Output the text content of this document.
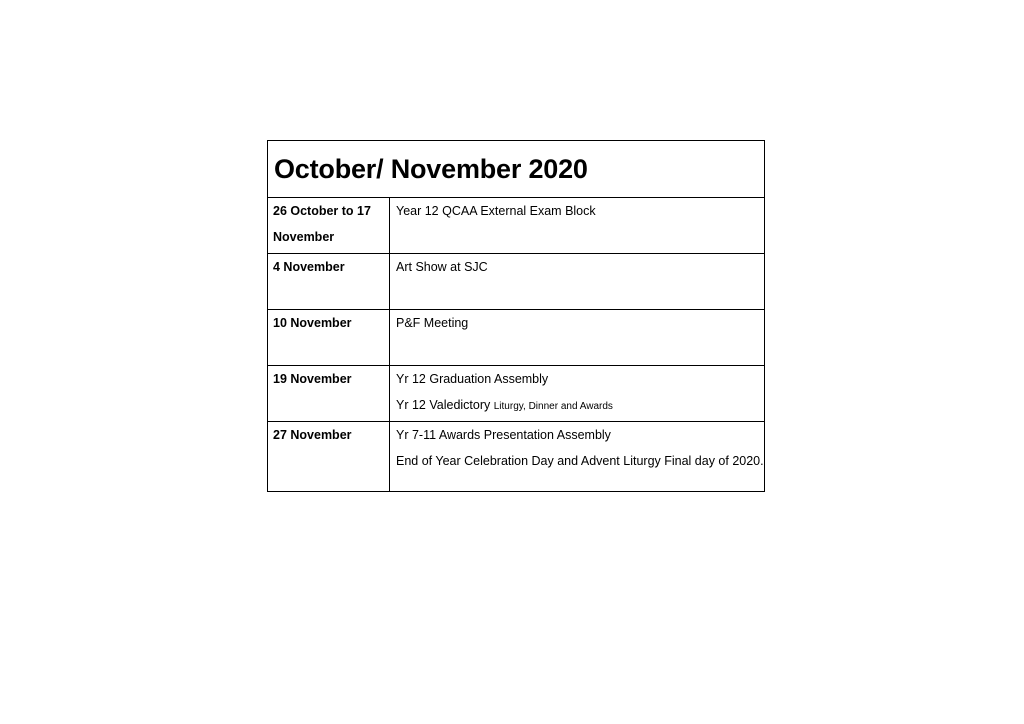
October/ November 2020	
26 October to 17 November	Year 12 QCAA External Exam Block

4 November	Art Show at SJC

10 November	P&F Meeting

19 November	Yr 12 Graduation Assembly
Yr 12 Valedictory Liturgy, Dinner and Awards

27 November	Yr 7-11 Awards Presentation Assembly
End of Year Celebration Day and Advent Liturgy Final day of 2020.
